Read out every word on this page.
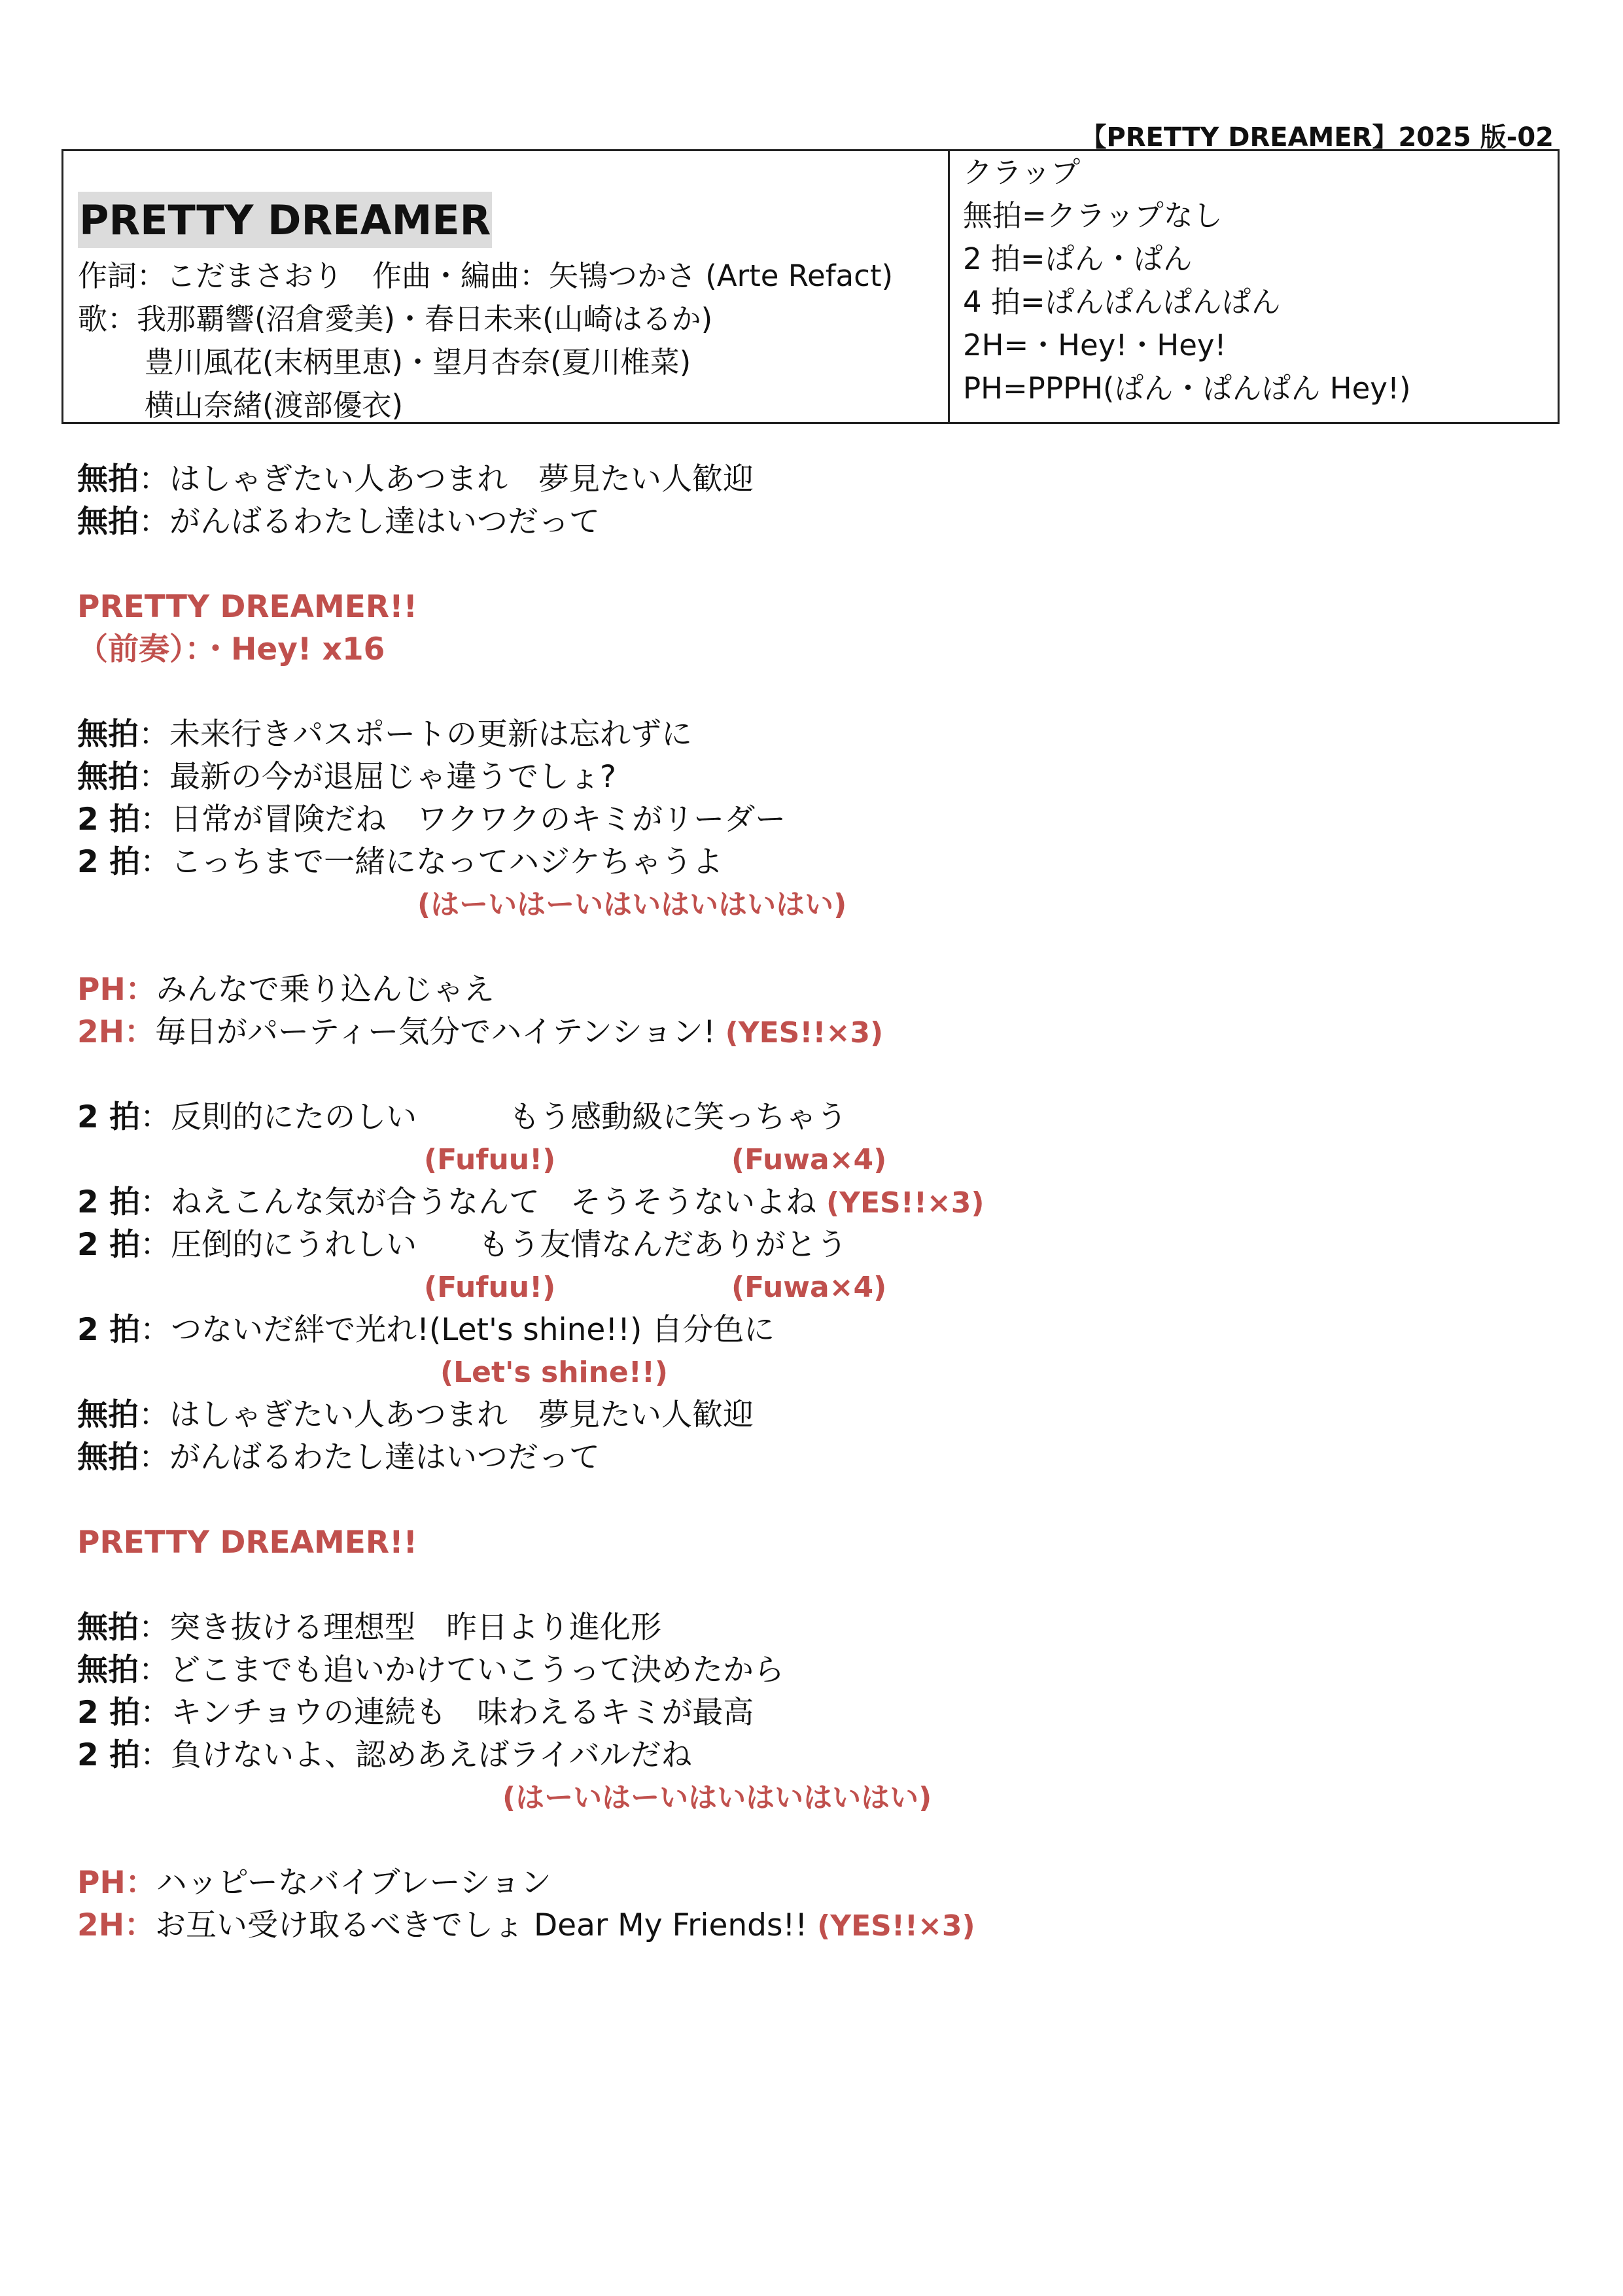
【PRETTY DREAMER】2025 版-02
PRETTY DREAMER
作詞：こだまさおり　作曲・編曲：矢鴇つかさ (Arte Refact)
歌：我那覇響(沼倉愛美)・春日未来(山崎はるか)
豊川風花(末柄里恵)・望月杏奈(夏川椎菜)
横山奈緒(渡部優衣)
クラップ
無拍=クラップなし
2 拍=ぱん・ぱん
4 拍=ぱんぱんぱんぱん
2H=・Hey!・Hey!
PH=PPPH(ぱん・ぱんぱん Hey!)
無拍：はしゃぎたい人あつまれ　夢見たい人歓迎
無拍：がんばるわたし達はいつだって
PRETTY DREAMER!!
（前奏）：・Hey! x16
無拍：未来行きパスポートの更新は忘れずに
無拍：最新の今が退屈じゃ違うでしょ?
2 拍：日常が冒険だね　ワクワクのキミがリーダー
2 拍：こっちまで一緒になってハジケちゃうよ
(はーいはーいはいはいはいはい)
PH：みんなで乗り込んじゃえ
2H：毎日がパーティー気分でハイテンション! (YES!!×3)
2 拍：反則的にたのしい　　　もう感動級に笑っちゃう
(Fufuu!)	(Fuwa×4)
2 拍：ねえこんな気が合うなんて　そうそうないよね (YES!!×3)
2 拍：圧倒的にうれしい　　もう友情なんだありがとう
(Fufuu!)	(Fuwa×4)
2 拍：つないだ絆で光れ!(Let's shine!!) 自分色に
(Let's shine!!)
無拍：はしゃぎたい人あつまれ　夢見たい人歓迎
無拍：がんばるわたし達はいつだって
PRETTY DREAMER!!
無拍：突き抜ける理想型　昨日より進化形
無拍：どこまでも追いかけていこうって決めたから
2 拍：キンチョウの連続も　味わえるキミが最高
2 拍：負けないよ、認めあえばライバルだね
(はーいはーいはいはいはいはい)
PH：ハッピーなバイブレーション
2H：お互い受け取るべきでしょ Dear My Friends!! (YES!!×3)
